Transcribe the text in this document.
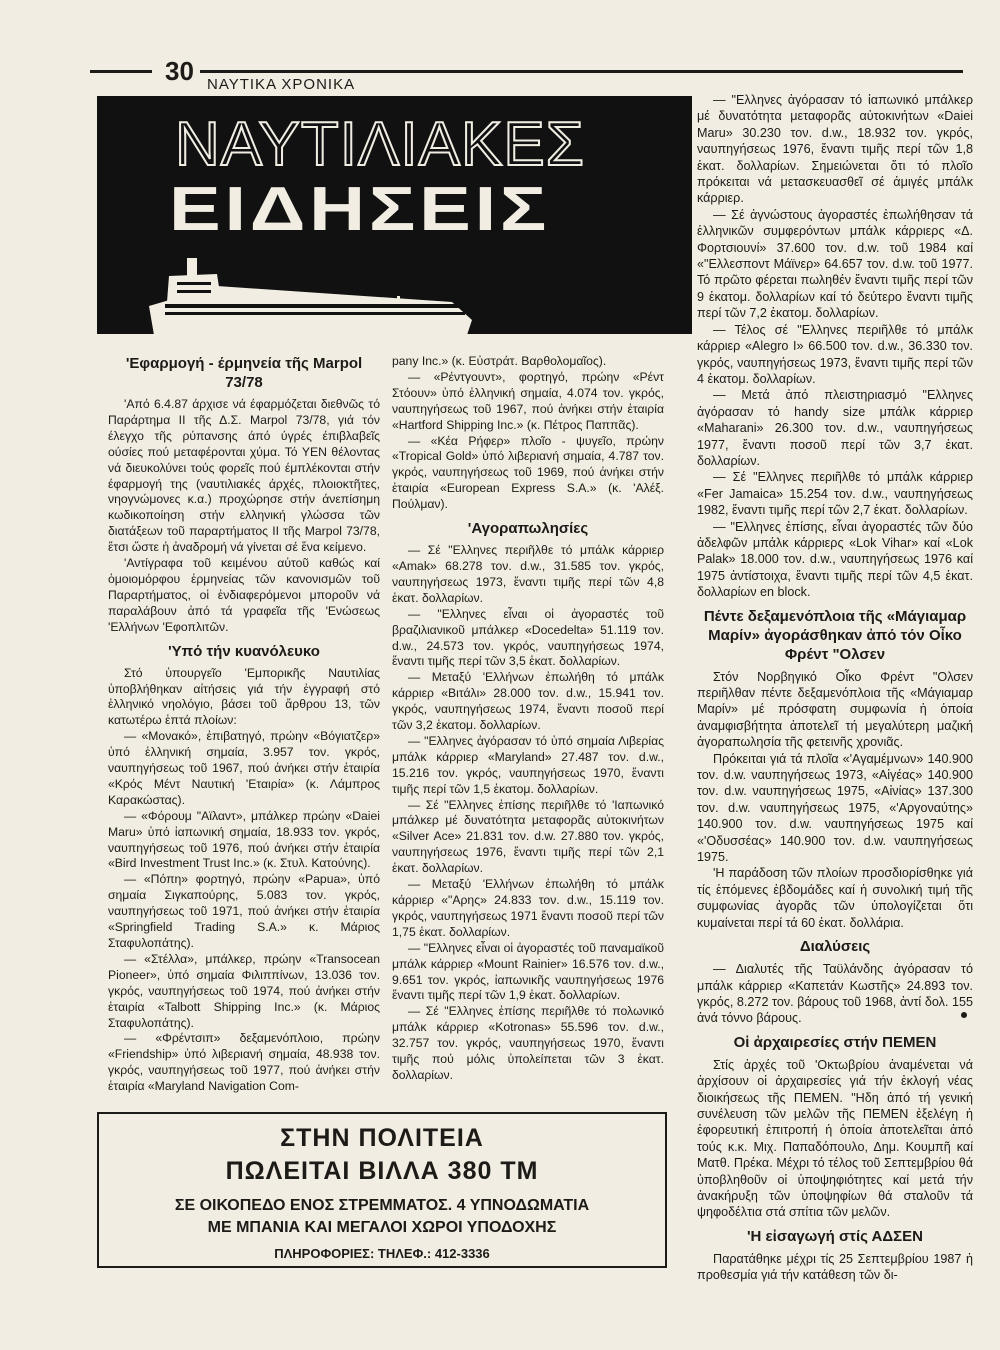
30 ΝΑΥΤΙΚΑ ΧΡΟΝΙΚΑ
ΝΑΥΤΙΛΙΑΚΕΣ
ΕΙΔΗΣΕΙΣ
'Εφαρμογή - έρμηνεία τῆς Marpol 73/78

'Από 6.4.87 άρχισε νά έφαρμόζεται διεθνῶς τό Παράρτημα II τῆς Δ.Σ. Marpol 73/78, γιά τόν έλεγχο τῆς ρύπανσης άπό ύγρές έπιβλαβεῖς ούσίες πού μεταφέρονται χύμα. Τό ΥΕΝ θέλοντας νά διευκολύνει τούς φορεῖς πού έμπλέκονται στήν έφαρμογή της (ναυτιλιακές άρχές, πλοιοκτῆτες, νηογνώμονες κ.α.) προχώρησε στήν άνεπίσημη κωδικοποίηση στήν ελληνική γλώσσα τῶν διατάξεων τοῦ παραρτήματος II τῆς Marpol 73/78, ἔτσι ὥστε ἡ ἀναδρομή νά γίνεται σέ ἕνα κείμενο.

'Αντίγραφα τοῦ κειμένου αὐτοῦ καθώς καί ὁμοιομόρφου ἑρμηνείας τῶν κανονισμῶν τοῦ Παραρτήματος, οἱ ἐνδιαφερόμενοι μποροῦν νά παραλάβουν ἀπό τά γραφεῖα τῆς 'Ενώσεως 'Ελλήνων 'Εφοπλιτῶν.

'Υπό τήν κυανόλευκο

Στό ὑπουργεῖο 'Εμπορικῆς Ναυτιλίας ὑποβλήθηκαν αἰτήσεις γιά τήν ἐγγραφή στό ἑλληνικό νηολόγιο, βάσει τοῦ ἄρθρου 13, τῶν κατωτέρω ἑπτά πλοίων:

— «Μονακό», ἐπιβατηγό, πρώην «Βόγιατζερ» ὑπό ἑλληνική σημαία, 3.957 τον. γκρός, ναυπηγήσεως τοῦ 1967, πού ἀνήκει στήν ἑταιρία «Κρός Μέντ Ναυτική 'Εταιρία» (κ. Λάμπρος Καρακώστας).

— «Φόρουμ "Αϊλαντ», μπάλκερ πρώην «Daiei Maru» ὑπό ἰαπωνική σημαία, 18.933 τον. γκρός, ναυπηγήσεως τοῦ 1976, πού ἀνήκει στήν ἑταιρία «Bird Investment Trust Inc.» (κ. Στυλ. Κατούνης).

— «Πόπη» φορτηγό, πρώην «Papua», ὑπό σημαία Σιγκαπούρης, 5.083 τον. γκρός, ναυπηγήσεως τοῦ 1971, πού ἀνήκει στήν ἑταιρία «Springfield Trading S.A.» κ. Μάριος Σταφυλοπάτης).

— «Στέλλα», μπάλκερ, πρώην «Transocean Pioneer», ὑπό σημαία Φιλιππίνων, 13.036 τον. γκρός, ναυπηγήσεως τοῦ 1974, πού ἀνήκει στήν ἑταιρία «Talbott Shipping Inc.» (κ. Μάριος Σταφυλοπάτης).

— «Φρέντσιπ» δεξαμενόπλοιο, πρώην «Friendship» ὑπό λιβεριανή σημαία, 48.938 τον. γκρός, ναυπηγήσεως τοῦ 1977, πού ἀνήκει στήν ἑταιρία «Maryland Navigation Com-

pany Inc.» (κ. Εὐστράτ. Βαρθολομαῖος).

— «Ρέντγουντ», φορτηγό, πρώην «Ρέντ Στόουν» ὑπό ἑλληνική σημαία, 4.074 τον. γκρός, ναυπηγήσεως τοῦ 1967, πού ἀνήκει στήν ἑταιρία «Hartford Shipping Inc.» (κ. Πέτρος Παππᾶς).

— «Κέα Ρήφερ» πλοῖο - ψυγεῖο, πρώην «Tropical Gold» ὑπό λιβεριανή σημαία, 4.787 τον. γκρός, ναυπηγήσεως τοῦ 1969, πού ἀνήκει στήν ἑταιρία «European Express S.A.» (κ. 'Αλέξ. Πούλμαν).

'Αγοραπωλησίες

— Σέ "Ελληνες περιῆλθε τό μπάλκ κάρριερ «Amak» 68.278 τον. d.w., 31.585 τον. γκρός, ναυπηγήσεως 1973, ἔναντι τιμῆς περί τῶν 4,8 ἑκατ. δολλαρίων.

— "Ελληνες εἶναι οἱ ἀγοραστές τοῦ βραζιλιανικοῦ μπάλκερ «Docedelta» 51.119 τον. d.w., 24.573 τον. γκρός, ναυπηγήσεως 1974, ἔναντι τιμῆς περί τῶν 3,5 ἑκατ. δολλαρίων.

— Μεταξύ 'Ελλήνων ἐπωλήθη τό μπάλκ κάρριερ «Βιτάλι» 28.000 τον. d.w., 15.941 τον. γκρός, ναυπηγήσεως 1974, ἔναντι ποσοῦ περί τῶν 3,2 ἑκατομ. δολλαρίων.

— "Ελληνες ἀγόρασαν τό ὑπό σημαία Λιβερίας μπάλκ κάρριερ «Maryland» 27.487 τον. d.w., 15.216 τον. γκρός, ναυπηγήσεως 1970, ἔναντι τιμῆς περί τῶν 1,5 ἑκατομ. δολλαρίων.

— Σέ "Ελληνες ἐπίσης περιῆλθε τό 'Ιαπωνικό μπάλκερ μέ δυνατότητα μεταφορᾶς αὐτοκινήτων «Silver Ace» 21.831 τον. d.w. 27.880 τον. γκρός, ναυπηγήσεως 1976, ἔναντι τιμῆς περί τῶν 2,1 ἑκατ. δολλαρίων.

— Μεταξύ 'Ελλήνων ἐπωλήθη τό μπάλκ κάρριερ «"Αρης» 24.833 τον. d.w., 15.119 τον. γκρός, ναυπηγήσεως 1971 ἔναντι ποσοῦ περί τῶν 1,75 ἑκατ. δολλαρίων.

— "Ελληνες εἶναι οἱ ἀγοραστές τοῦ παναμαϊκοῦ μπάλκ κάρριερ «Mount Rainier» 16.576 τον. d.w., 9.651 τον. γκρός, ἰαπωνικῆς ναυπηγήσεως 1976 ἔναντι τιμῆς περί τῶν 1,9 ἑκατ. δολλαρίων.

— Σέ "Ελληνες ἐπίσης περιῆλθε τό πολωνικό μπάλκ κάρριερ «Kotronas» 55.596 τον. d.w., 32.757 τον. γκρός, ναυπηγήσεως 1970, ἔναντι τιμῆς πού μόλις ὑπολείπεται τῶν 3 ἑκατ. δολλαρίων.

— "Ελληνες ἀγόρασαν τό ἰαπωνικό μπάλκερ μέ δυνατότητα μεταφορᾶς αὐτοκινήτων «Daiei Maru» 30.230 τον. d.w., 18.932 τον. γκρός, ναυπηγήσεως 1976, ἔναντι τιμῆς περί τῶν 1,8 ἑκατ. δολλαρίων. Σημειώνεται ὅτι τό πλοῖο πρόκειται νά μετασκευασθεῖ σέ ἀμιγές μπάλκ κάρριερ.

— Σέ ἀγνώστους ἀγοραστές ἐπωλήθησαν τά ἑλληνικῶν συμφερόντων μπάλκ κάρριερς «Δ. Φορτσιουνί» 37.600 τον. d.w. τοῦ 1984 καί «"Ελλεσποντ Μάϊνερ» 64.657 τον. d.w. τοῦ 1977. Τό πρῶτο φέρεται πωληθέν ἔναντι τιμῆς περί τῶν 9 ἑκατομ. δολλαρίων καί τό δεύτερο ἔναντι τιμῆς περί τῶν 7,2 ἑκατομ. δολλαρίων.

— Τέλος σέ "Ελληνες περιῆλθε τό μπάλκ κάρριερ «Alegro I» 66.500 τον. d.w., 36.330 τον. γκρός, ναυπηγήσεως 1973, ἔναντι τιμῆς περί τῶν 4 ἑκατομ. δολλαρίων.

— Μετά ἀπό πλειστηριασμό "Ελληνες ἀγόρασαν τό handy size μπάλκ κάρριερ «Maharani» 26.300 τον. d.w., ναυπηγήσεως 1977, ἔναντι ποσοῦ περί τῶν 3,7 ἑκατ. δολλαρίων.

— Σέ "Ελληνες περιῆλθε τό μπάλκ κάρριερ «Fer Jamaica» 15.254 τον. d.w., ναυπηγήσεως 1982, ἔναντι τιμῆς περί τῶν 2,7 ἑκατ. δολλαρίων.

— "Ελληνες ἐπίσης, εἶναι ἀγοραστές τῶν δύο ἀδελφῶν μπάλκ κάρριερς «Lok Vihar» καί «Lok Palak» 18.000 τον. d.w., ναυπηγήσεως 1976 καί 1975 ἀντίστοιχα, ἔναντι τιμῆς περί τῶν 4,5 ἑκατ. δολλαρίων en block.

Πέντε δεξαμενόπλοια τῆς «Μάγιαμαρ Μαρίν» ἀγοράσθηκαν ἀπό τόν Οἶκο Φρέντ "Ολσεν

Στόν Νορβηγικό Οἶκο Φρέντ "Ολσεν περιῆλθαν πέντε δεξαμενόπλοια τῆς «Μάγιαμαρ Μαρίν» μέ πρόσφατη συμφωνία ἡ ὁποία ἀναμφισβήτητα ἀποτελεῖ τή μεγαλύτερη μαζική ἀγοραπωλησία τῆς φετεινῆς χρονιᾶς.

Πρόκειται γιά τά πλοῖα «'Αγαμέμνων» 140.900 τον. d.w. ναυπηγήσεως 1973, «Αἰγέας» 140.900 τον. d.w. ναυπηγήσεως 1975, «Αἰνίας» 137.300 τον. d.w. ναυπηγήσεως 1975, «'Αργοναύτης» 140.900 τον. d.w. ναυπηγήσεως 1975 καί «'Οδυσσέας» 140.900 τον. d.w. ναυπηγήσεως 1975.

'Η παράδοση τῶν πλοίων προσδιορίσθηκε γιά τίς ἑπόμενες ἑβδομάδες καί ἡ συνολική τιμή τῆς συμφωνίας ἀγορᾶς τῶν ὑπολογίζεται ὅτι κυμαίνεται περί τά 60 ἑκατ. δολλάρια.

Διαλύσεις

— Διαλυτές τῆς Ταϋλάνδης ἀγόρασαν τό μπάλκ κάρριερ «Καπετάν Κωστῆς» 24.893 τον. γκρός, 8.272 τον. βάρους τοῦ 1968, ἀντί δολ. 155 ἀνά τόννο βάρους.

Οἱ ἀρχαιρεσίες στήν ΠΕΜΕΝ

Στίς ἀρχές τοῦ 'Οκτωβρίου ἀναμένεται νά ἀρχίσουν οἱ ἀρχαιρεσίες γιά τήν ἐκλογή νέας διοικήσεως τῆς ΠΕΜΕΝ. "Ηδη ἀπό τή γενική συνέλευση τῶν μελῶν τῆς ΠΕΜΕΝ ἐξελέγη ἡ ἐφορευτική ἐπιτροπή ἡ ὁποία ἀποτελεῖται ἀπό τούς κ.κ. Μιχ. Παπαδόπουλο, Δημ. Κουμπῆ καί Ματθ. Πρέκα. Μέχρι τό τέλος τοῦ Σεπτεμβρίου θά ὑποβληθοῦν οἱ ὑποψηφιότητες καί μετά τήν ἀνακήρυξη τῶν ὑποψηφίων θά σταλοῦν τά ψηφοδέλτια στά σπίτια τῶν μελῶν.

'Η εἰσαγωγή στίς ΑΔΣΕΝ

Παρατάθηκε μέχρι τίς 25 Σεπτεμβρίου 1987 ἡ προθεσμία γιά τήν κατάθεση τῶν δι-

ΣΤΗΝ ΠΟΛΙΤΕΙΑ
ΠΩΛΕΙΤΑΙ ΒΙΛΛΑ 380 ΤΜ
ΣΕ ΟΙΚΟΠΕΔΟ ΕΝΟΣ ΣΤΡΕΜΜΑΤΟΣ. 4 ΥΠΝΟΔΩΜΑΤΙΑ
ΜΕ ΜΠΑΝΙΑ ΚΑΙ ΜΕΓΑΛΟΙ ΧΩΡΟΙ ΥΠΟΔΟΧΗΣ
ΠΛΗΡΟΦΟΡΙΕΣ: ΤΗΛΕΦ.: 412-3336
